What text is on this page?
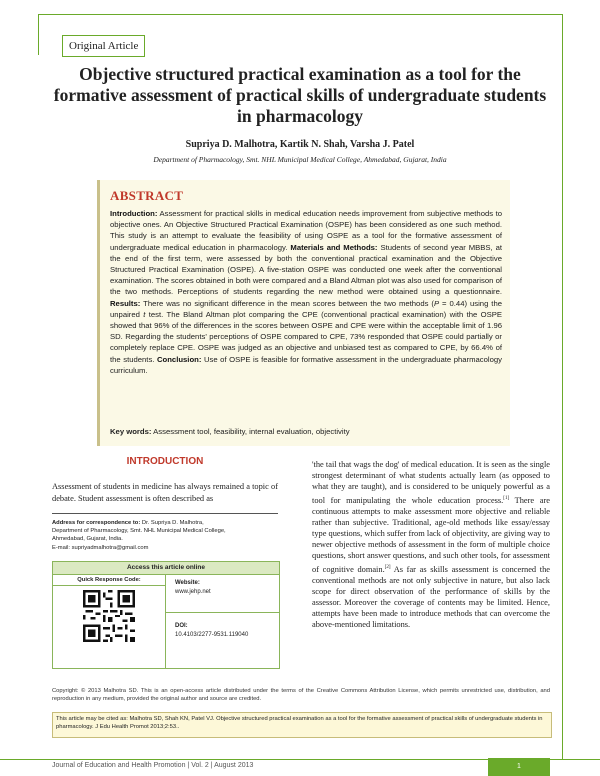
Original Article
Objective structured practical examination as a tool for the formative assessment of practical skills of undergraduate students in pharmacology
Supriya D. Malhotra, Kartik N. Shah, Varsha J. Patel
Department of Pharmacology, Smt. NHL Municipal Medical College, Ahmedabad, Gujarat, India
ABSTRACT
Introduction: Assessment for practical skills in medical education needs improvement from subjective methods to objective ones. An Objective Structured Practical Examination (OSPE) has been considered as one such method. This study is an attempt to evaluate the feasibility of using OSPE as a tool for the formative assessment of undergraduate medical education in pharmacology. Materials and Methods: Students of second year MBBS, at the end of the first term, were assessed by both the conventional practical examination and the Objective Structured Practical Examination (OSPE). A five-station OSPE was conducted one week after the conventional examination. The scores obtained in both were compared and a Bland Altman plot was also used for comparison of the two methods. Perceptions of students regarding the new method were obtained using a questionnaire. Results: There was no significant difference in the mean scores between the two methods (P = 0.44) using the unpaired t test. The Bland Altman plot comparing the CPE (conventional practical examination) with the OSPE showed that 96% of the differences in the scores between OSPE and CPE were within the acceptable limit of 1.96 SD. Regarding the students' perceptions of OSPE compared to CPE, 73% responded that OSPE could partially or completely replace CPE. OSPE was judged as an objective and unbiased test as compared to CPE, by 66.4% of the students. Conclusion: Use of OSPE is feasible for formative assessment in the undergraduate pharmacology curriculum.
Key words: Assessment tool, feasibility, internal evaluation, objectivity
INTRODUCTION
Assessment of students in medicine has always remained a topic of debate. Student assessment is often described as
'the tail that wags the dog' of medical education. It is seen as the single strongest determinant of what students actually learn (as opposed to what they are taught), and is considered to be uniquely powerful as a tool for manipulating the whole education process.[1] There are continuous attempts to make assessment more objective and reliable rather than subjective. Traditional, age-old methods like essay/essay type questions, which suffer from lack of objectivity, are giving way to newer objective methods of assessment in the form of multiple choice questions, short answer questions, and such other tools, for assessment of cognitive domain.[2] As far as skills assessment is concerned the conventional methods are not only subjective in nature, but also lack scope for direct observation of the performance of skills by the assessor. Moreover the coverage of contents may be limited. Hence, attempts have been made to introduce methods that can overcome the above-mentioned limitations.
Address for correspondence to: Dr. Supriya D. Malhotra,
Department of Pharmacology, Smt. NHL Municipal Medical College,
Ahmedabad, Gujarat, India.
E-mail: supriyadmalhotra@gmail.com
Access this article online
Quick Response Code:	Website:
www.jehp.net
DOI:
10.4103/2277-9531.119040
Copyright: © 2013 Malhotra SD. This is an open-access article distributed under the terms of the Creative Commons Attribution License, which permits unrestricted use, distribution, and reproduction in any medium, provided the original author and source are credited.
This article may be cited as: Malhotra SD, Shah KN, Patel VJ. Objective structured practical examination as a tool for the formative assessment of practical skills of undergraduate students in pharmacology. J Edu Health Promot 2013;2:53..
Journal of Education and Health Promotion | Vol. 2 | August 2013	1
